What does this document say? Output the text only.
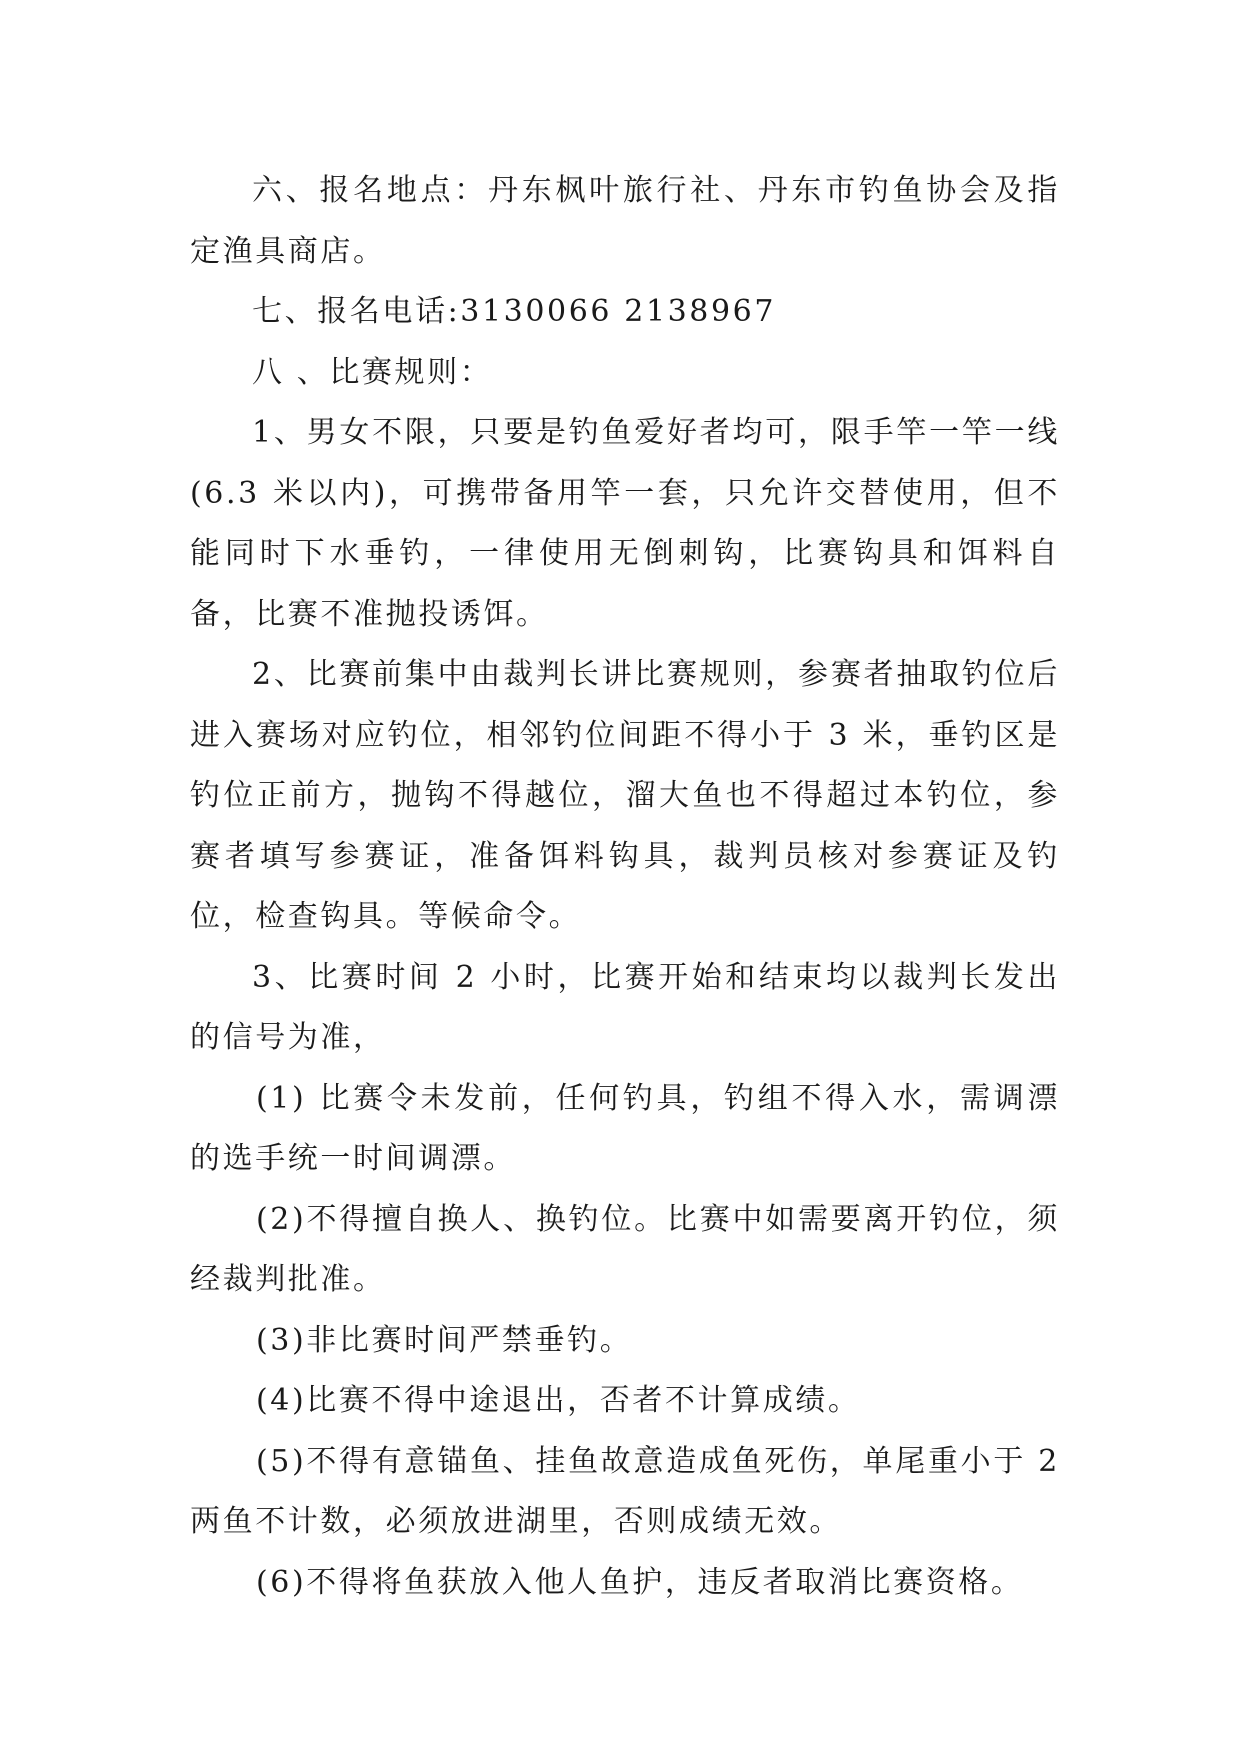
六、报名地点：丹东枫叶旅行社、丹东市钓鱼协会及指定渔具商店。

七、报名电话:3130066 2138967

八 、比赛规则：

1、男女不限，只要是钓鱼爱好者均可，限手竿一竿一线(6.3 米以内)，可携带备用竿一套，只允许交替使用，但不能同时下水垂钓，一律使用无倒刺钩，比赛钩具和饵料自备，比赛不准抛投诱饵。

2、比赛前集中由裁判长讲比赛规则，参赛者抽取钓位后进入赛场对应钓位，相邻钓位间距不得小于 3 米，垂钓区是钓位正前方，抛钩不得越位，溜大鱼也不得超过本钓位，参赛者填写参赛证，准备饵料钩具，裁判员核对参赛证及钓位，检查钩具。等候命令。

3、比赛时间 2 小时，比赛开始和结束均以裁判长发出的信号为准，

(1) 比赛令未发前，任何钓具，钓组不得入水，需调漂的选手统一时间调漂。

(2)不得擅自换人、换钓位。比赛中如需要离开钓位，须经裁判批准。

(3)非比赛时间严禁垂钓。

(4)比赛不得中途退出，否者不计算成绩。

(5)不得有意锚鱼、挂鱼故意造成鱼死伤，单尾重小于 2 两鱼不计数，必须放进湖里，否则成绩无效。

(6)不得将鱼获放入他人鱼护，违反者取消比赛资格。
